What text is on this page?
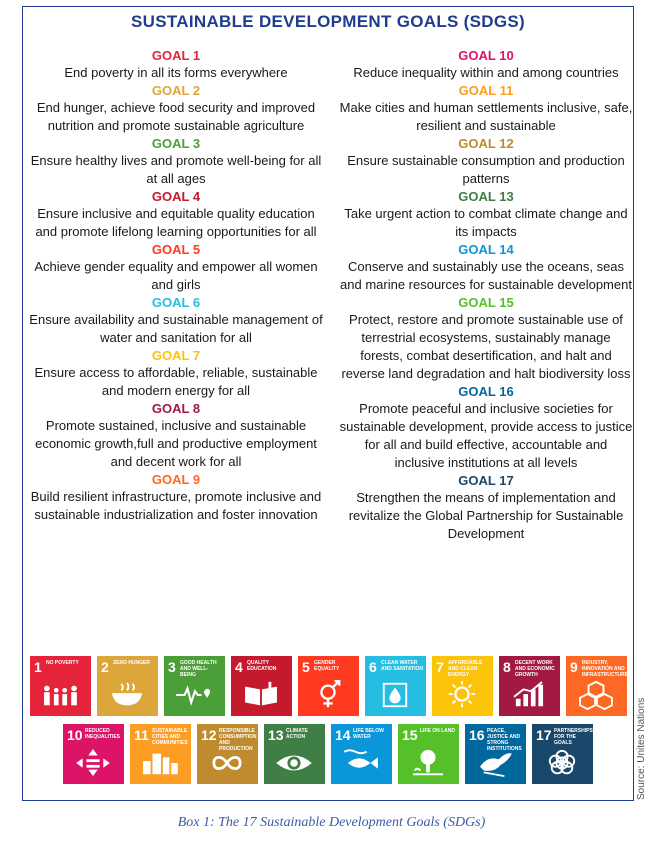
SUSTAINABLE DEVELOPMENT GOALS (SDGS)
GOAL 1
End poverty in all its forms everywhere
GOAL 2
End hunger, achieve food security and improved nutrition and promote sustainable agriculture
GOAL 3
Ensure healthy lives and promote well-being for all at all ages
GOAL 4
Ensure inclusive and equitable quality education and promote lifelong learning opportunities for all
GOAL 5
Achieve gender equality and empower all women and girls
GOAL 6
Ensure availability and sustainable management of water and sanitation for all
GOAL 7
Ensure access to affordable, reliable, sustainable and modern energy for all
GOAL 8
Promote sustained, inclusive and sustainable economic growth,full and productive employment and decent work for all
GOAL 9
Build resilient infrastructure, promote inclusive and sustainable industrialization and foster innovation
GOAL 10
Reduce inequality within and among countries
GOAL 11
Make cities and human settlements inclusive, safe, resilient and sustainable
GOAL 12
Ensure sustainable consumption and production patterns
GOAL 13
Take urgent action to combat climate change and its impacts
GOAL 14
Conserve and sustainably use the oceans, seas and marine resources for sustainable development
GOAL 15
Protect, restore and promote sustainable use of terrestrial ecosystems, sustainably manage forests, combat desertification, and halt and reverse land degradation and halt biodiversity loss
GOAL 16
Promote peaceful and inclusive societies for sustainable development, provide access to justice for all and build effective, accountable and inclusive institutions at all levels
GOAL 17
Strengthen the means of implementation and revitalize the Global Partnership for Sustainable Development
1 NO POVERTY	2 ZERO HUNGER	3 GOOD HEALTH AND WELL-BEING	4 QUALITY EDUCATION	5 GENDER EQUALITY	6 CLEAN WATER AND SANITATION 7 AFFORDABLE AND CLEAN ENERGY	8 DECENT WORK AND ECONOMIC GROWTH	9 INDUSTRY, INNOVATION AND INFRASTRUCTURE
10 REDUCED INEQUALITIES 11 SUSTAINABLE CITIES AND COMMUNITIES 12 RESPONSIBLE CONSUMPTION AND PRODUCTION
13 CLIMATE ACTION	14 LIFE BELOW WATER	15 LIFE ON LAND 16 PEACE, JUSTICE AND STRONG INSTITUTIONS
17 PARTNERSHIPS FOR THE GOALS	Source: Unites Nations
Box 1: The 17 Sustainable Development Goals (SDGs)
